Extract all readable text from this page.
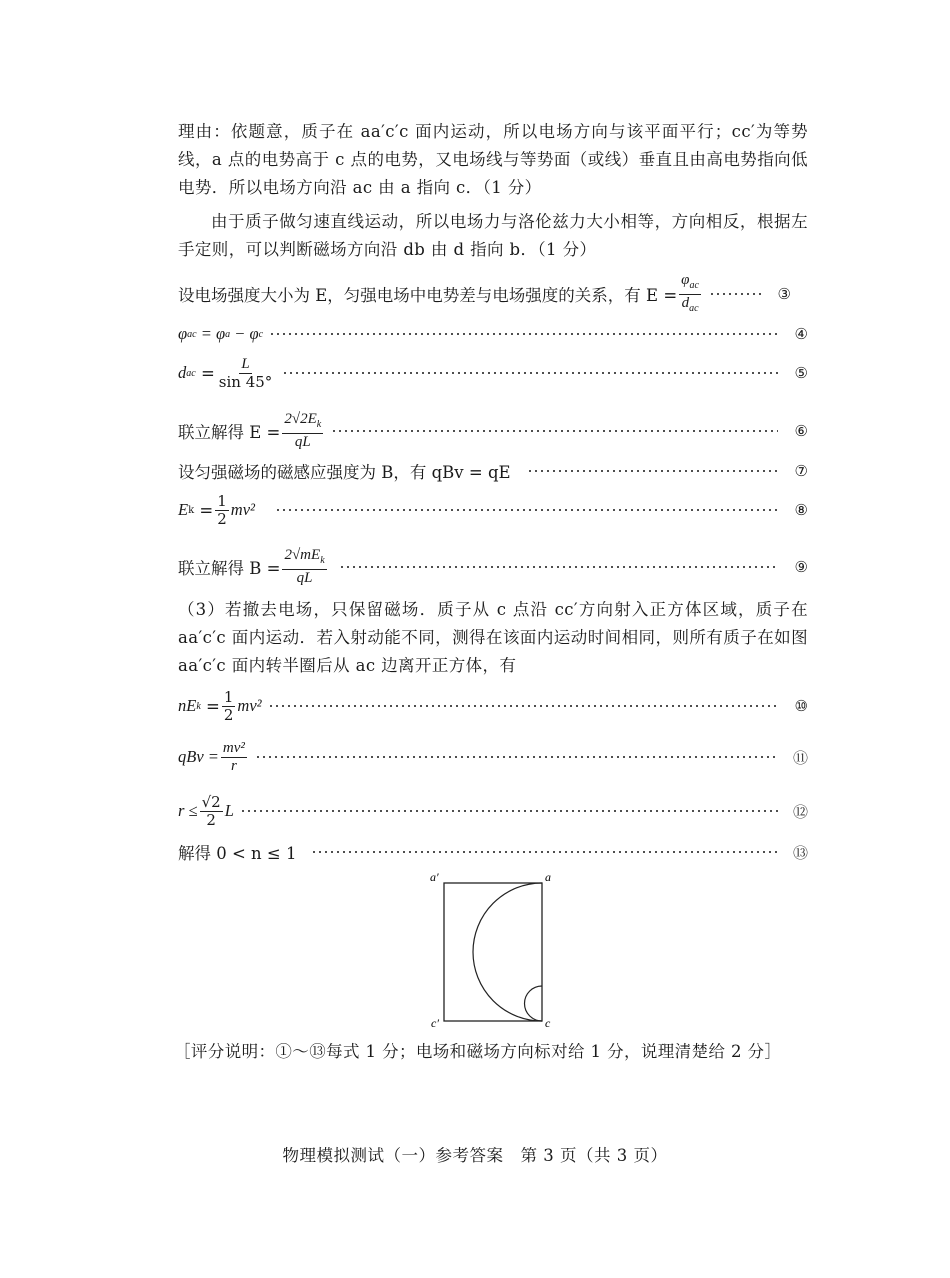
理由：依题意，质子在 aa′c′c 面内运动，所以电场方向与该平面平行；cc′为等势线，a 点的电势高于 c 点的电势，又电场线与等势面（或线）垂直且由高电势指向低电势．所以电场方向沿 ac 由 a 指向 c．（1 分）
由于质子做匀速直线运动，所以电场力与洛伦兹力大小相等，方向相反，根据左手定则，可以判断磁场方向沿 db 由 d 指向 b．（1 分）
设电场强度大小为 E，匀强电场中电势差与电场强度的关系，有 $E = \frac{\varphi_{ac}}{d_{ac}}$	③
φ ac = φ a − φ c	④
d ac = $\frac{L}{\sin 45^\circ}$	⑤
联立解得 $E = \frac{2√2E_k}{qL}$	⑥
设匀强磁场的磁感应强度为 B，有 qBv = qE	⑦
E $k = \frac{1}{2} mv^2$	⑧
联立解得 $B = \frac{2√mE_k}{qL}$	⑨
（3）若撤去电场，只保留磁场．质子从 c 点沿 cc′方向射入正方体区域，质子在 aa′c′c 面内运动．若入射动能不同，测得在该面内运动时间相同，则所有质子在如图 aa′c′c 面内转半圈后从 ac 边离开正方体，有
nE $k = \frac{1}{2} mv^2$	⑩
qBv = $\frac{\text{mv²}}{r}$	⑪
$r \le \frac{√2}{2}$ L	⑫
解得 0 < n ≤ 1	⑬
a′	a
c′	c
［评分说明：①～⑬每式 1 分；电场和磁场方向标对给 1 分，说理清楚给 2 分］
物理模拟测试（一）参考答案　第 3 页（共 3 页）
